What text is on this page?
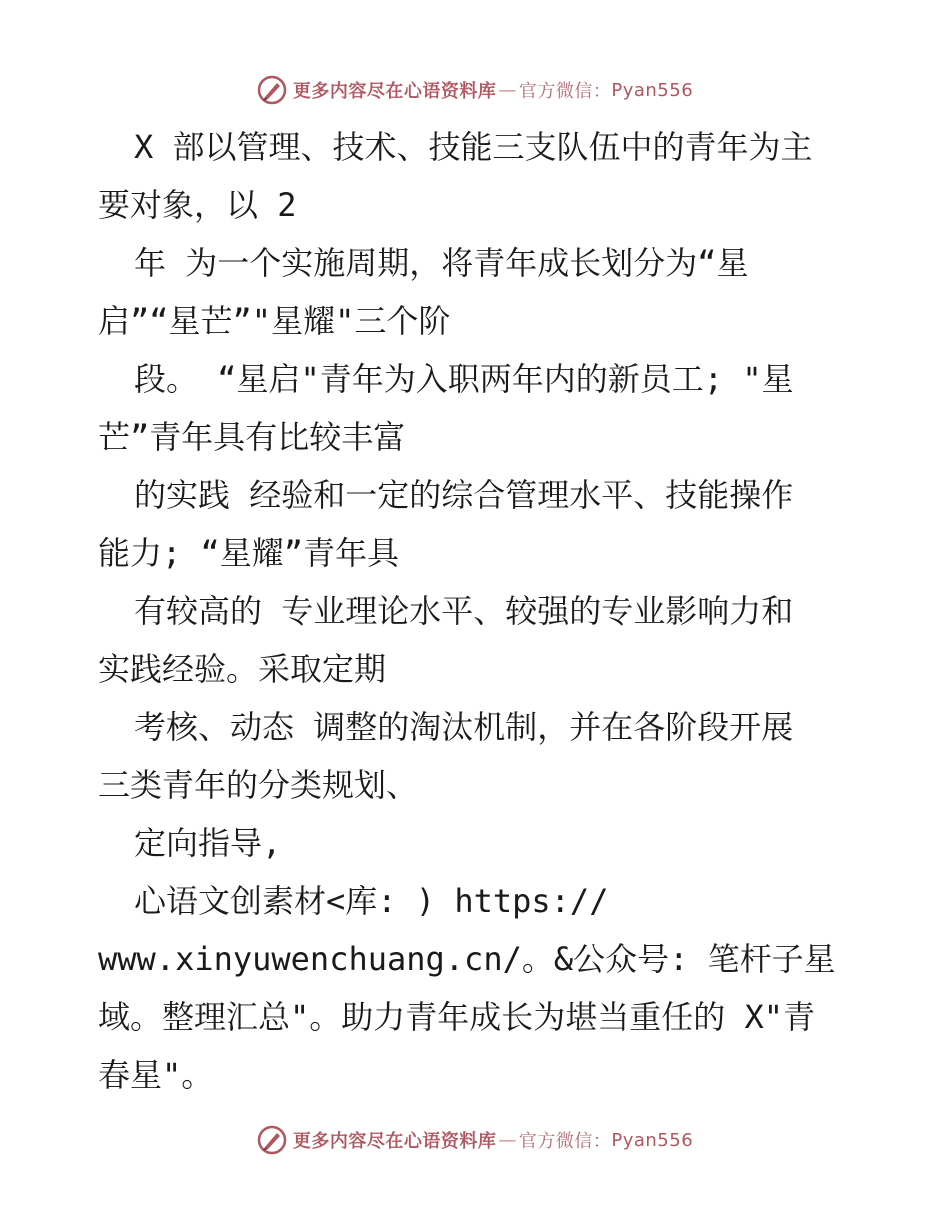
更多内容尽在心语资料库 — 官方微信： Pyan556
X 部以管理、技术、技能三支队伍中的青年为主
要对象，以 2
年 为一个实施周期，将青年成长划分为“星
启”“星芒”"星耀"三个阶
段。 “星启"青年为入职两年内的新员工; "星
芒”青年具有比较丰富
的实践 经验和一定的综合管理水平、技能操作
能力; “星耀”青年具
有较高的 专业理论水平、较强的专业影响力和
实践经验。采取定期
考核、动态 调整的淘汰机制，并在各阶段开展
三类青年的分类规划、
定向指导,
心语文创素材<库: ) https://
www.xinyuwenchuang.cn/。&公众号: 笔杆子星
域。整理汇总"。助力青年成长为堪当重任的 X"青
春星"。
更多内容尽在心语资料库 — 官方微信： Pyan556
